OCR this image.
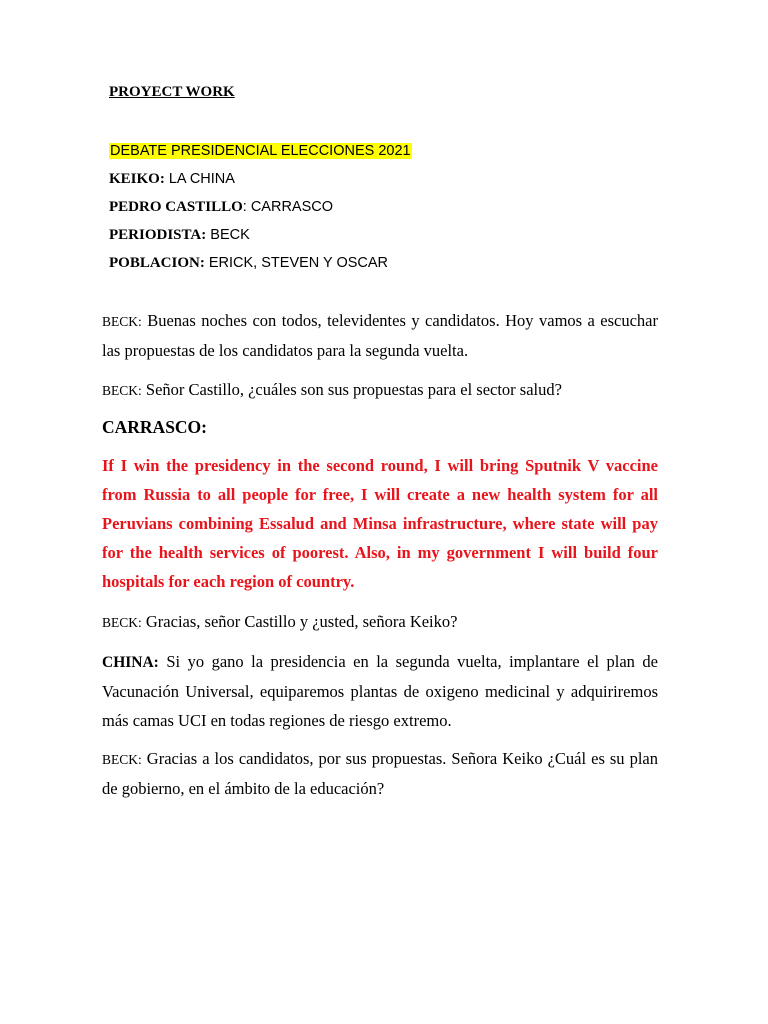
PROYECT WORK
DEBATE PRESIDENCIAL ELECCIONES 2021
KEIKO: LA CHINA
PEDRO CASTILLO: CARRASCO
PERIODISTA: BECK
POBLACION: ERICK, STEVEN Y OSCAR

BECK: Buenas noches con todos, televidentes y candidatos. Hoy vamos a escuchar las propuestas de los candidatos para la segunda vuelta.

BECK: Señor Castillo, ¿cuáles son sus propuestas para el sector salud?

CARRASCO:

If I win the presidency in the second round, I will bring Sputnik V vaccine from Russia to all people for free, I will create a new health system for all Peruvians combining Essalud and Minsa infrastructure, where state will pay for the health services of poorest. Also, in my government I will build four hospitals for each region of country.

BECK: Gracias, señor Castillo y ¿usted, señora Keiko?

CHINA: Si yo gano la presidencia en la segunda vuelta, implantare el plan de Vacunación Universal, equiparemos plantas de oxigeno medicinal y adquiriremos más camas UCI en todas regiones de riesgo extremo.

BECK: Gracias a los candidatos, por sus propuestas. Señora Keiko ¿Cuál es su plan de gobierno, en el ámbito de la educación?
